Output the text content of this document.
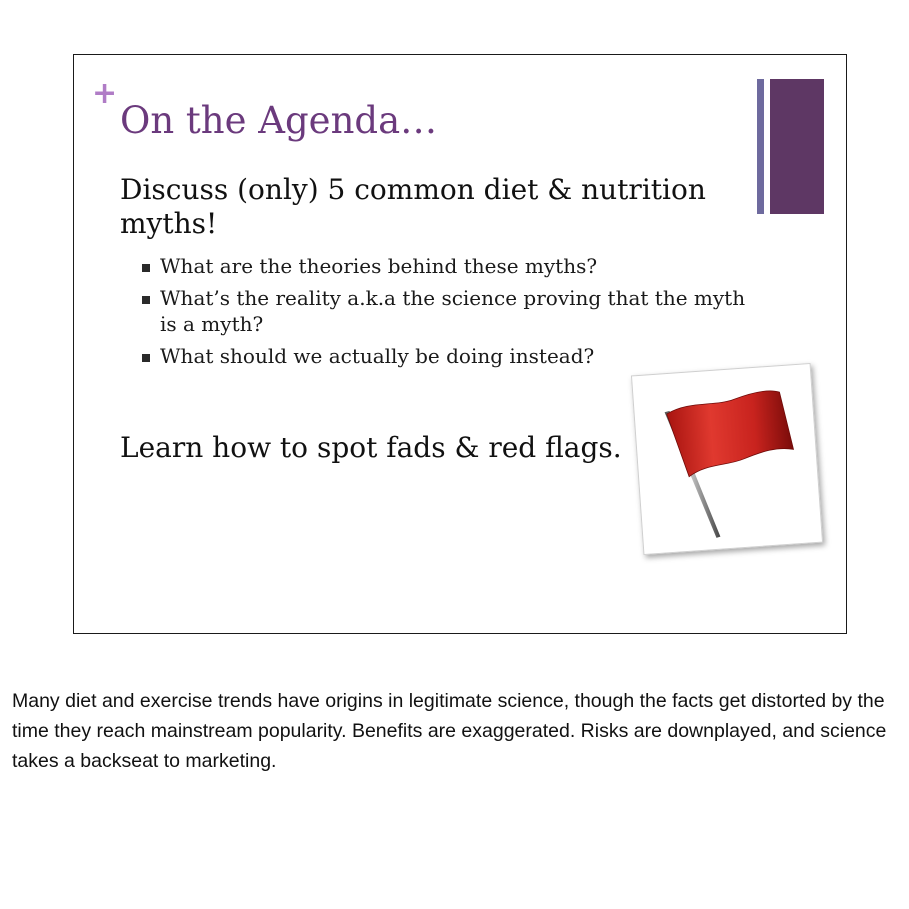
+
On the Agenda…
Discuss (only) 5 common diet & nutrition myths!
What are the theories behind these myths?
What’s the reality a.k.a the science proving that the myth is a myth?
What should we actually be doing instead?
Learn how to spot fads & red flags.
Many diet and exercise trends have origins in legitimate science, though the facts get distorted by the time they reach mainstream popularity. Benefits are exaggerated. Risks are downplayed, and science takes a backseat to marketing.
